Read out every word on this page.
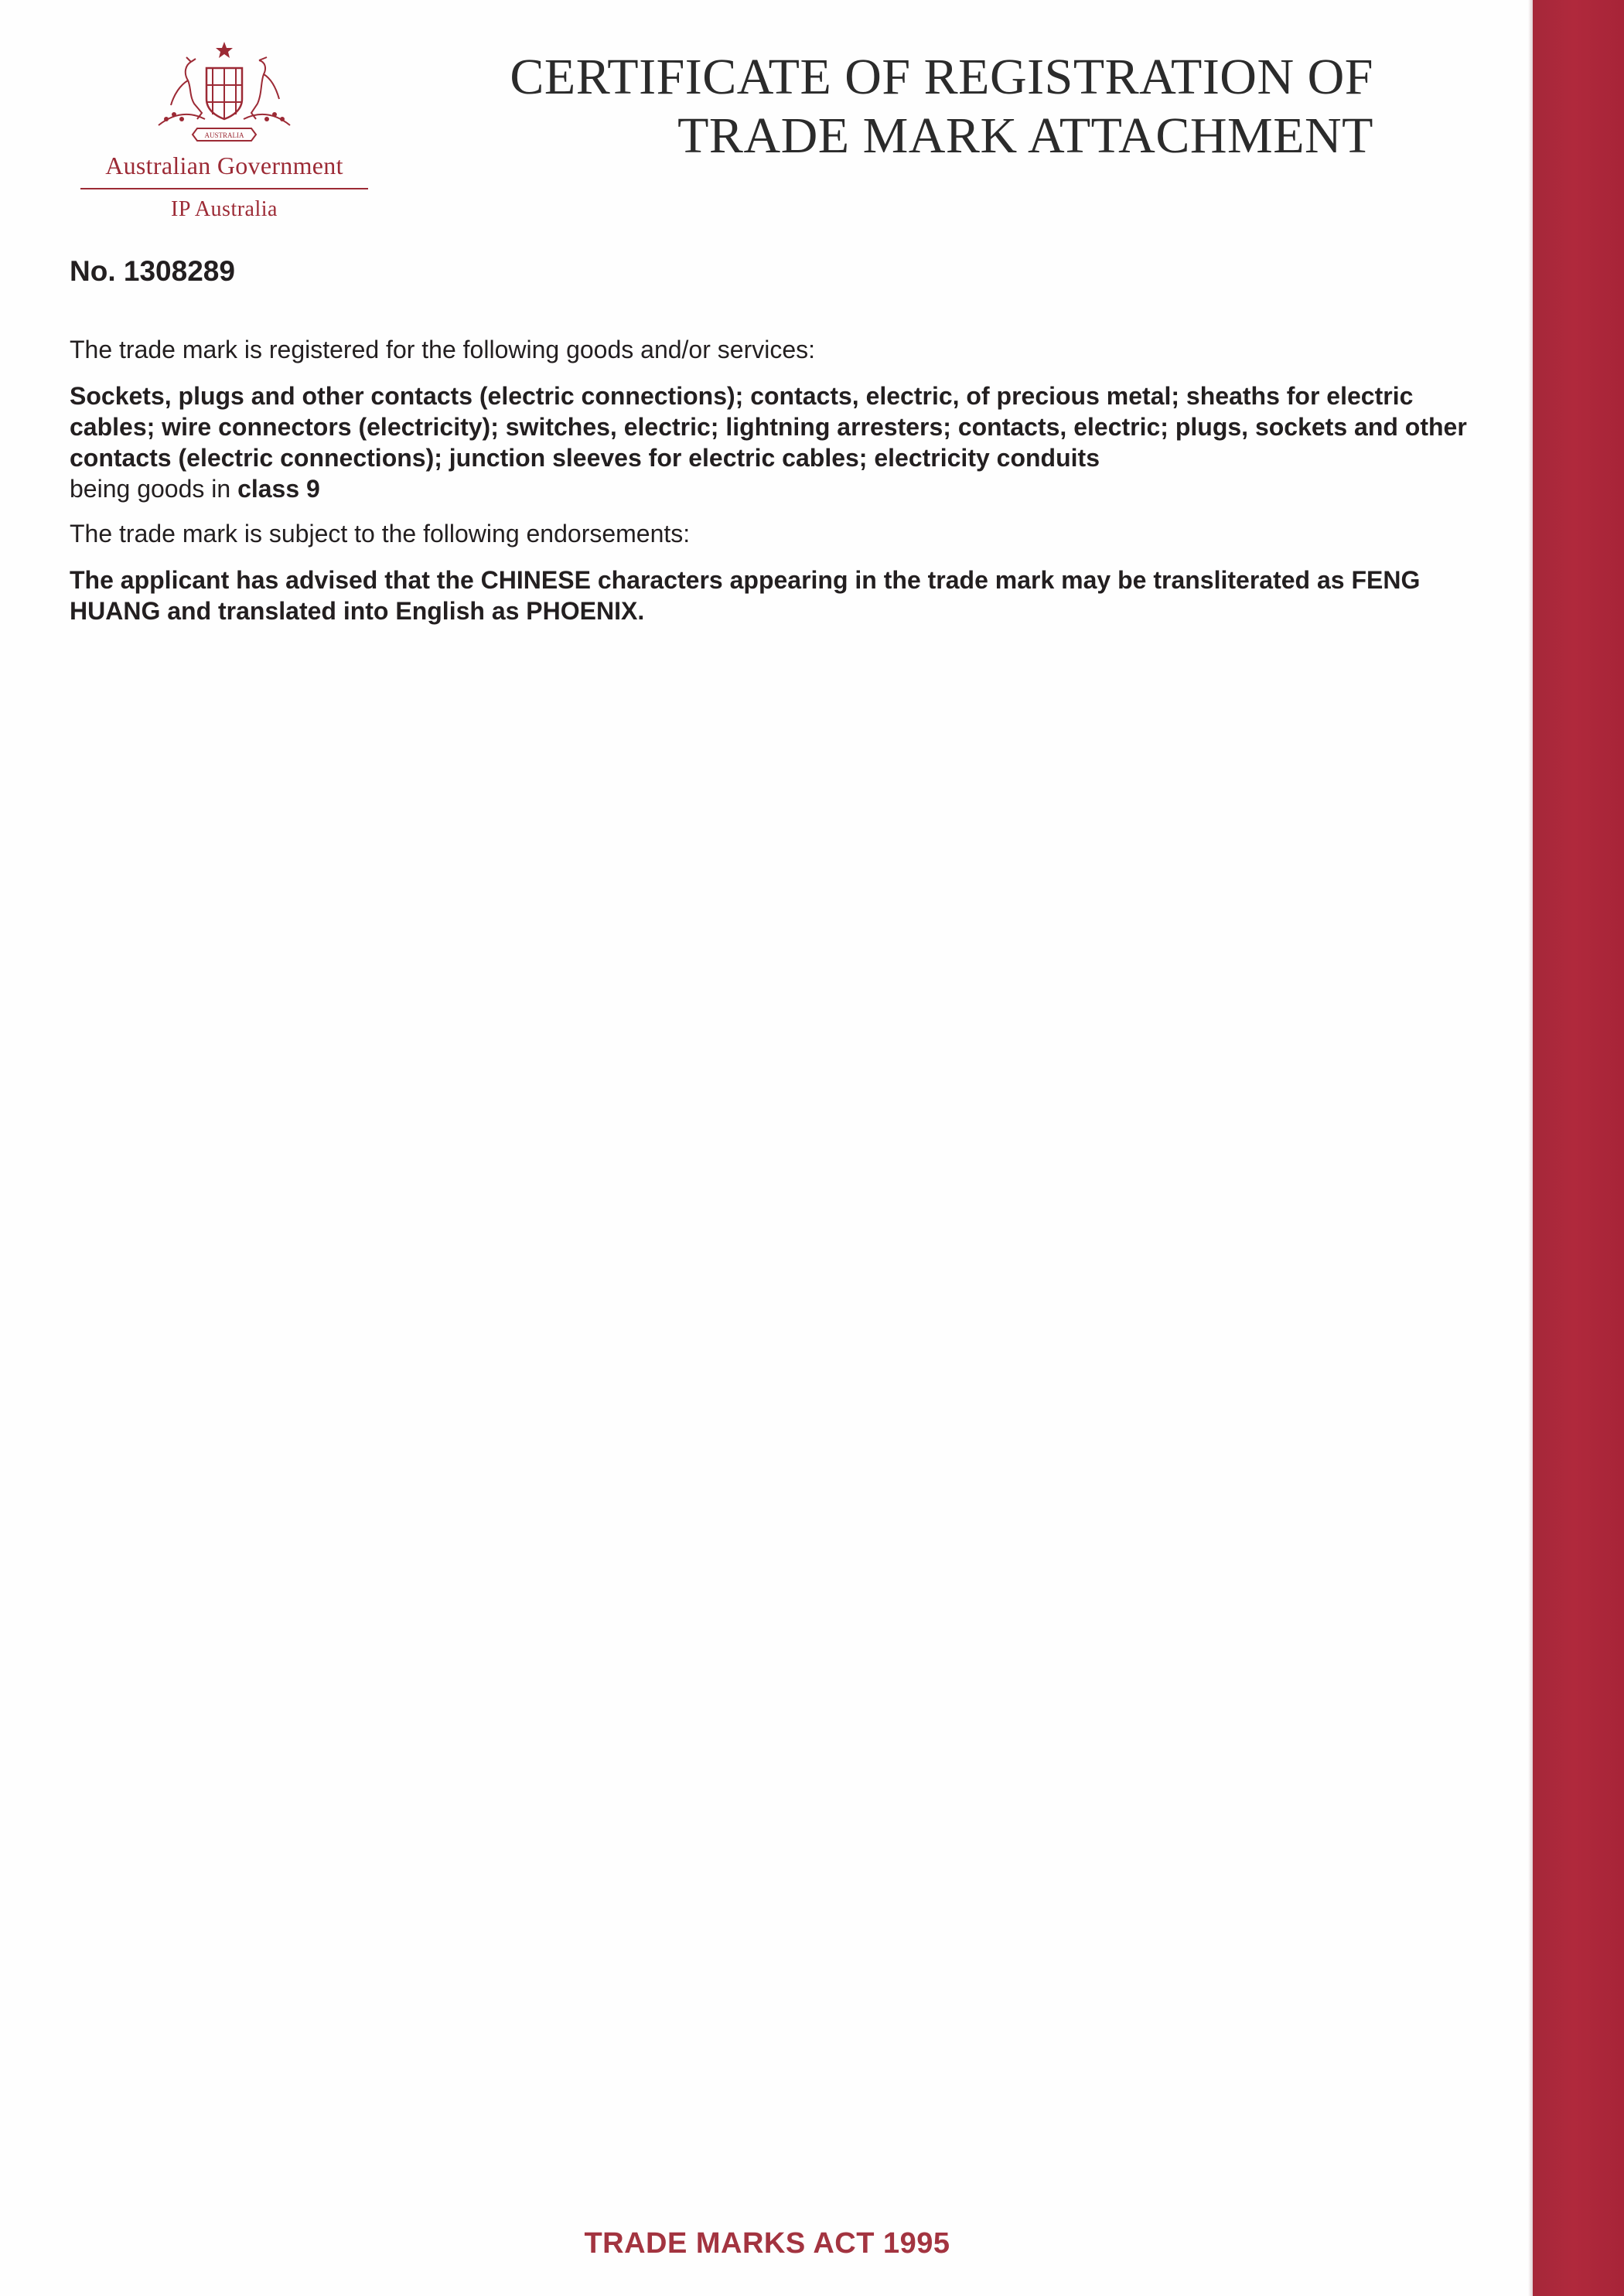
AUSTRALIA
Australian Government
IP Australia
CERTIFICATE OF REGISTRATION OF
TRADE MARK ATTACHMENT
No. 1308289

The trade mark is registered for the following goods and/or services:

Sockets, plugs and other contacts (electric connections); contacts, electric, of precious metal; sheaths for electric cables; wire connectors (electricity); switches, electric; lightning arresters; contacts, electric; plugs, sockets and other contacts (electric connections); junction sleeves for electric cables; electricity conduits
being goods in class 9

The trade mark is subject to the following endorsements:

The applicant has advised that the CHINESE characters appearing in the trade mark may be transliterated as FENG HUANG and translated into English as PHOENIX.

TRADE MARKS ACT 1995
